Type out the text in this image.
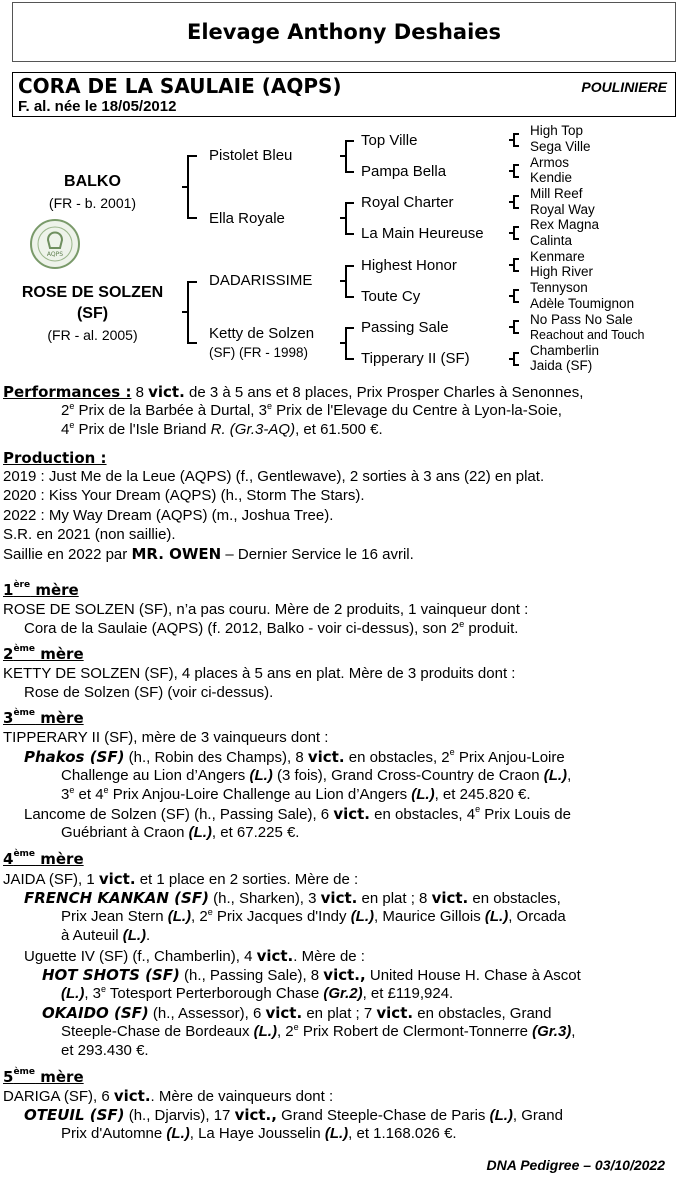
Elevage Anthony Deshaies
CORA DE LA SAULAIE (AQPS)	POULINIERE
F. al. née le 18/05/2012
BALKO
(FR - b. 2001)
AQPS
ROSE DE SOLZEN
(SF)
(FR - al. 2005)
Pistolet Bleu
Ella Royale
DADARISSIME
Ketty de Solzen
(SF) (FR - 1998)
Top Ville
Pampa Bella
Royal Charter
La Main Heureuse
Highest Honor
Toute Cy
Passing Sale
Tipperary II (SF)
High Top
Sega Ville
Armos
Kendie
Mill Reef
Royal Way
Rex Magna
Calinta
Kenmare
High River
Tennyson
Adèle Toumignon
No Pass No Sale
Reachout and Touch
Chamberlin
Jaida (SF)
Performances : 8 vict. de 3 à 5 ans et 8 places, Prix Prosper Charles à Senonnes,
2e Prix de la Barbée à Durtal, 3e Prix de l'Elevage du Centre à Lyon-la-Soie,
4e Prix de l'Isle Briand R. (Gr.3-AQ), et 61.500 €.
Production :
2019 : Just Me de la Leue (AQPS) (f., Gentlewave), 2 sorties à 3 ans (22) en plat.
2020 : Kiss Your Dream (AQPS) (h., Storm The Stars).
2022 : My Way Dream (AQPS) (m., Joshua Tree).
S.R. en 2021 (non saillie).
Saillie en 2022 par MR. OWEN – Dernier Service le 16 avril.
1ère mère
ROSE DE SOLZEN (SF), n’a pas couru. Mère de 2 produits, 1 vainqueur dont :
Cora de la Saulaie (AQPS) (f. 2012, Balko - voir ci-dessus), son 2e produit.
2ème mère
KETTY DE SOLZEN (SF), 4 places à 5 ans en plat. Mère de 3 produits dont :
Rose de Solzen (SF) (voir ci-dessus).
3ème mère
TIPPERARY II (SF), mère de 3 vainqueurs dont :
Phakos (SF) (h., Robin des Champs), 8 vict. en obstacles, 2e Prix Anjou-Loire
Challenge au Lion d’Angers (L.) (3 fois), Grand Cross-Country de Craon (L.),
3e et 4e Prix Anjou-Loire Challenge au Lion d’Angers (L.), et 245.820 €.
Lancome de Solzen (SF) (h., Passing Sale), 6 vict. en obstacles, 4e Prix Louis de
Guébriant à Craon (L.), et 67.225 €.
4ème mère
JAIDA (SF), 1 vict. et 1 place en 2 sorties. Mère de :
FRENCH KANKAN (SF) (h., Sharken), 3 vict. en plat ; 8 vict. en obstacles,
Prix Jean Stern (L.), 2e Prix Jacques d'Indy (L.), Maurice Gillois (L.), Orcada
à Auteuil (L.).
Uguette IV (SF) (f., Chamberlin), 4 vict.. Mère de :
HOT SHOTS (SF) (h., Passing Sale), 8 vict., United House H. Chase à Ascot
(L.), 3e Totesport Perterborough Chase (Gr.2), et £119,924.
OKAIDO (SF) (h., Assessor), 6 vict. en plat ; 7 vict. en obstacles, Grand
Steeple-Chase de Bordeaux (L.), 2e Prix Robert de Clermont-Tonnerre (Gr.3),
et 293.430 €.
5ème mère
DARIGA (SF), 6 vict.. Mère de vainqueurs dont :
OTEUIL (SF) (h., Djarvis), 17 vict., Grand Steeple-Chase de Paris (L.), Grand
Prix d'Automne (L.), La Haye Jousselin (L.), et 1.168.026 €.
DNA Pedigree – 03/10/2022
